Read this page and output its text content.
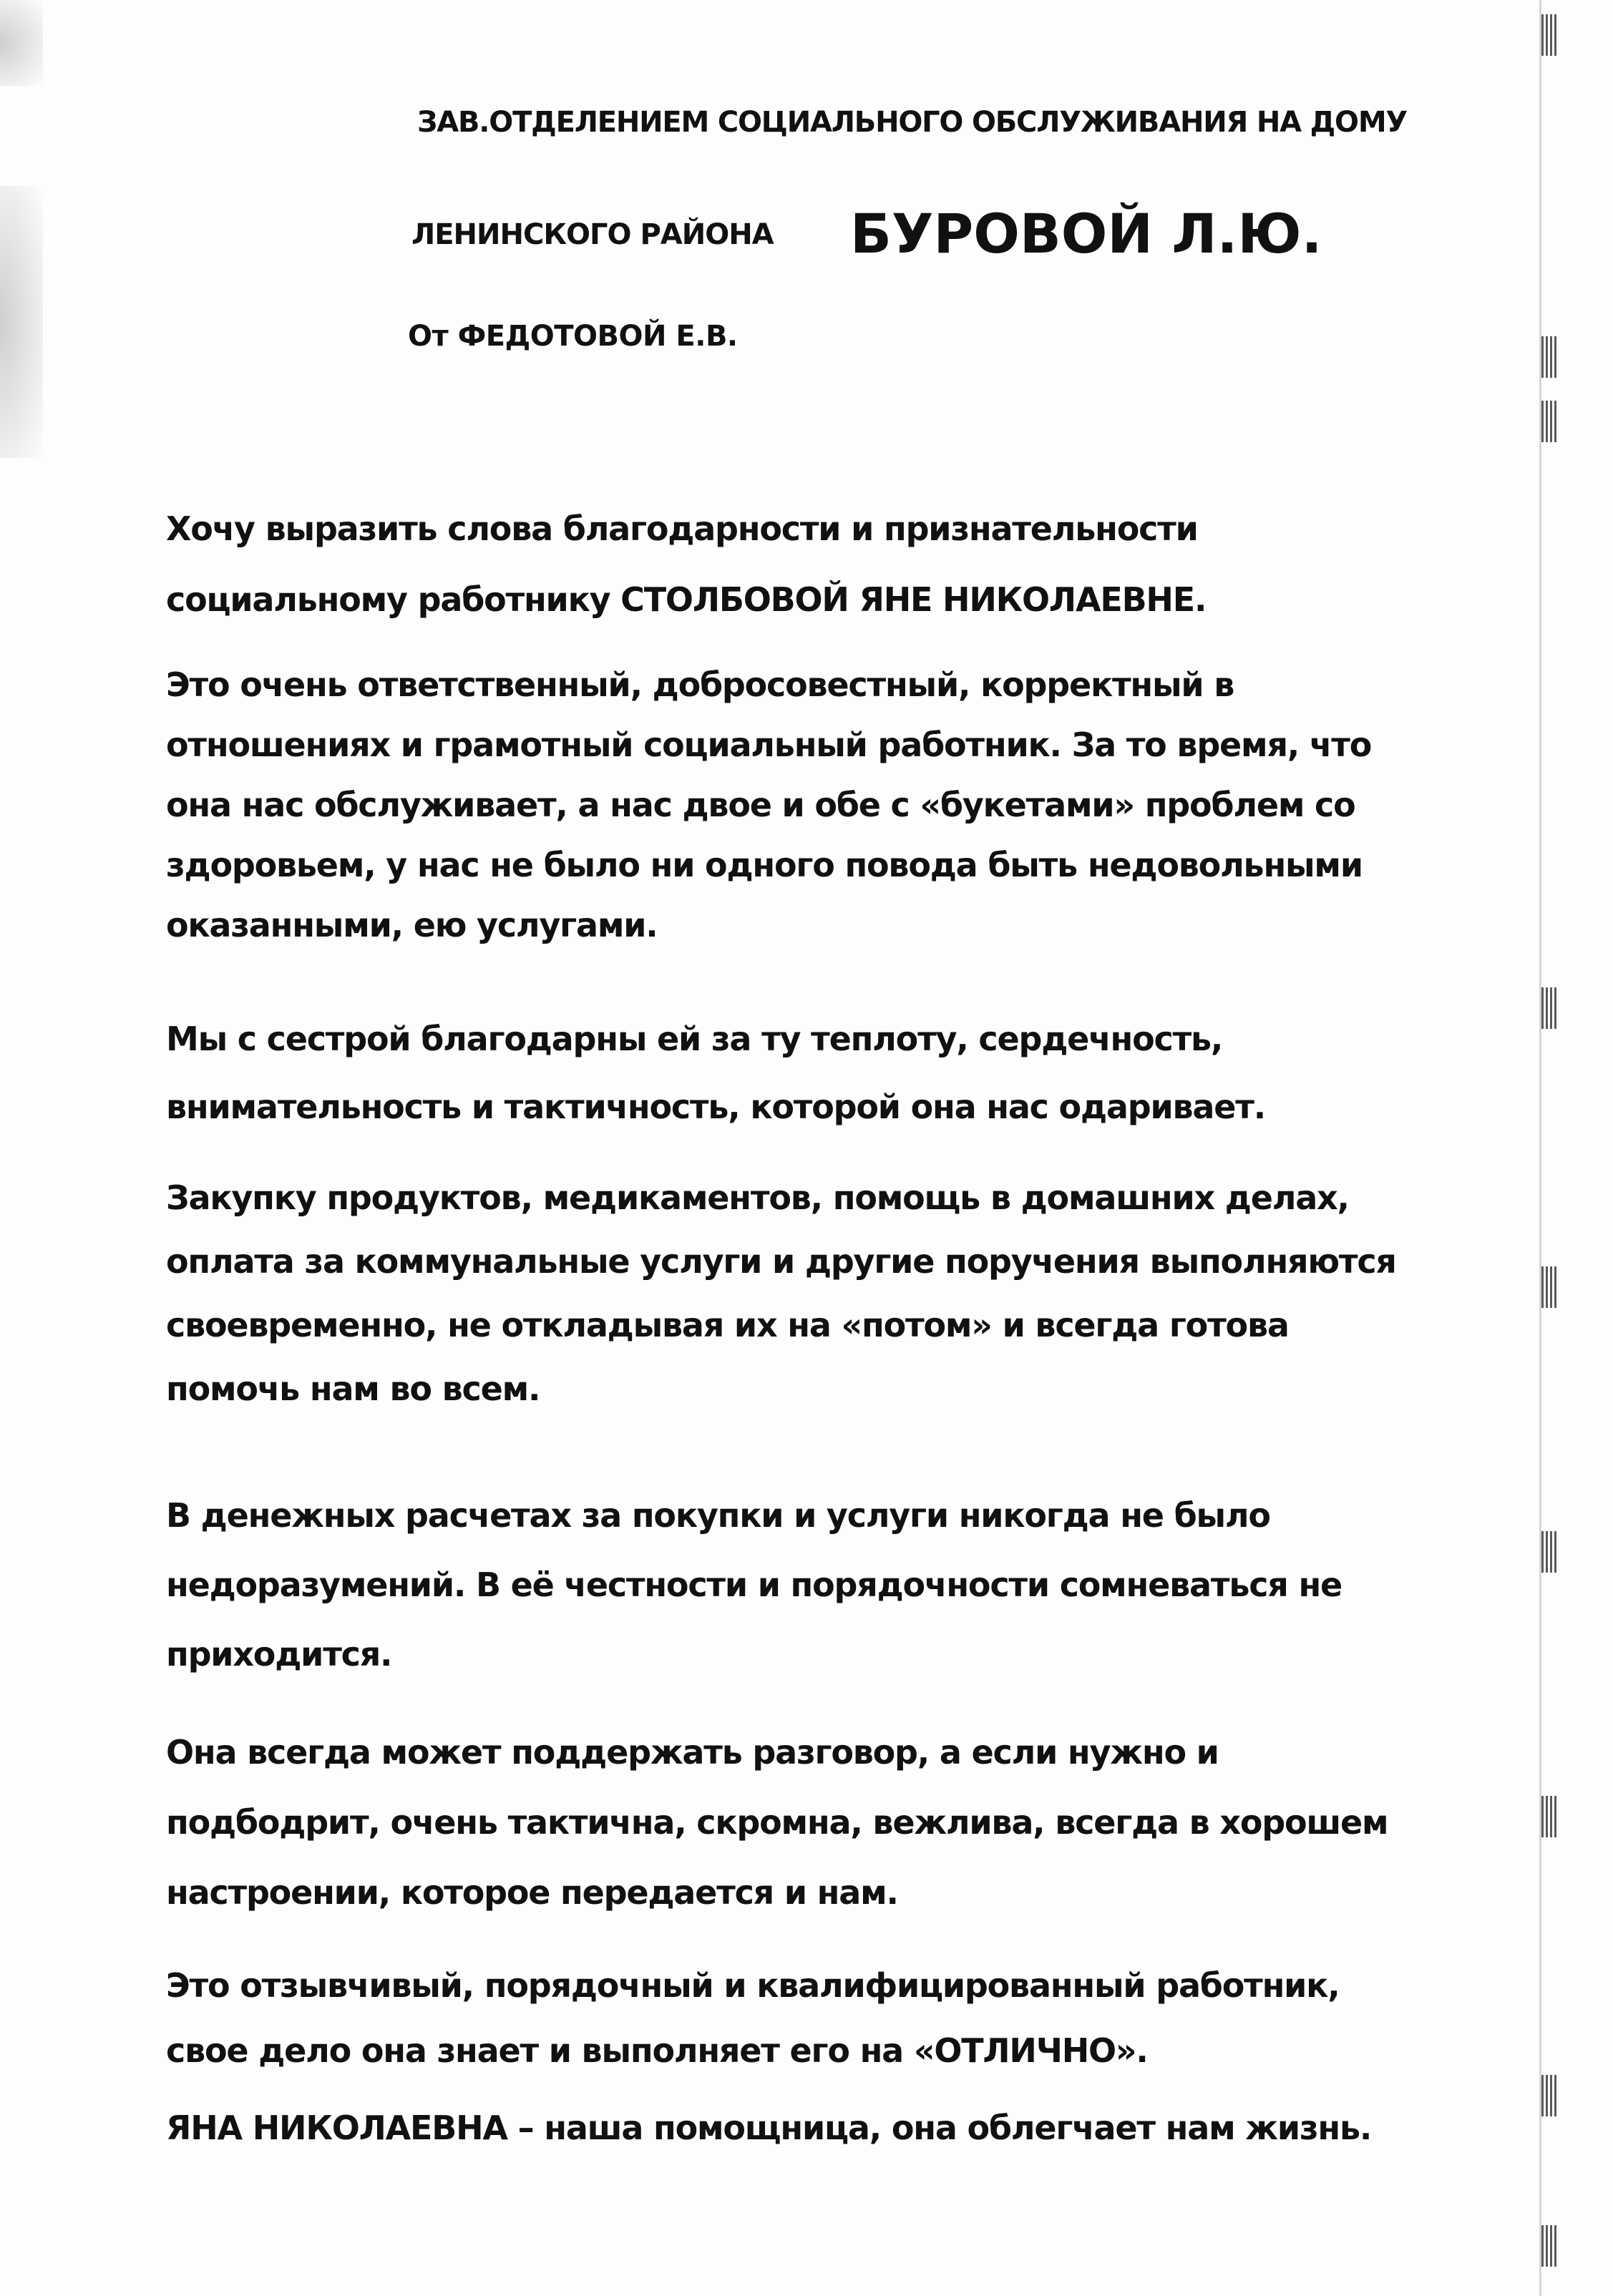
ЗАВ.ОТДЕЛЕНИЕМ СОЦИАЛЬНОГО ОБСЛУЖИВАНИЯ НА ДОМУ
ЛЕНИНСКОГО РАЙОНА БУРОВОЙ Л.Ю.
От ФЕДОТОВОЙ Е.В.

Хочу выразить слова благодарности и признательности
социальному работнику СТОЛБОВОЙ ЯНЕ НИКОЛАЕВНЕ.

Это очень ответственный, добросовестный, корректный в
отношениях и грамотный социальный работник. За то время, что
она нас обслуживает, а нас двое и обе с «букетами» проблем со
здоровьем, у нас не было ни одного повода быть недовольными
оказанными, ею услугами.

Мы с сестрой благодарны ей за ту теплоту, сердечность,
внимательность и тактичность, которой она нас одаривает.

Закупку продуктов, медикаментов, помощь в домашних делах,
оплата за коммунальные услуги и другие поручения выполняются
своевременно, не откладывая их на «потом» и всегда готова
помочь нам во всем.

В денежных расчетах за покупки и услуги никогда не было
недоразумений. В её честности и порядочности сомневаться не
приходится.

Она всегда может поддержать разговор, а если нужно и
подбодрит, очень тактична, скромна, вежлива, всегда в хорошем
настроении, которое передается и нам.

Это отзывчивый, порядочный и квалифицированный работник,
свое дело она знает и выполняет его на «ОТЛИЧНО».

ЯНА НИКОЛАЕВНА – наша помощница, она облегчает нам жизнь.
